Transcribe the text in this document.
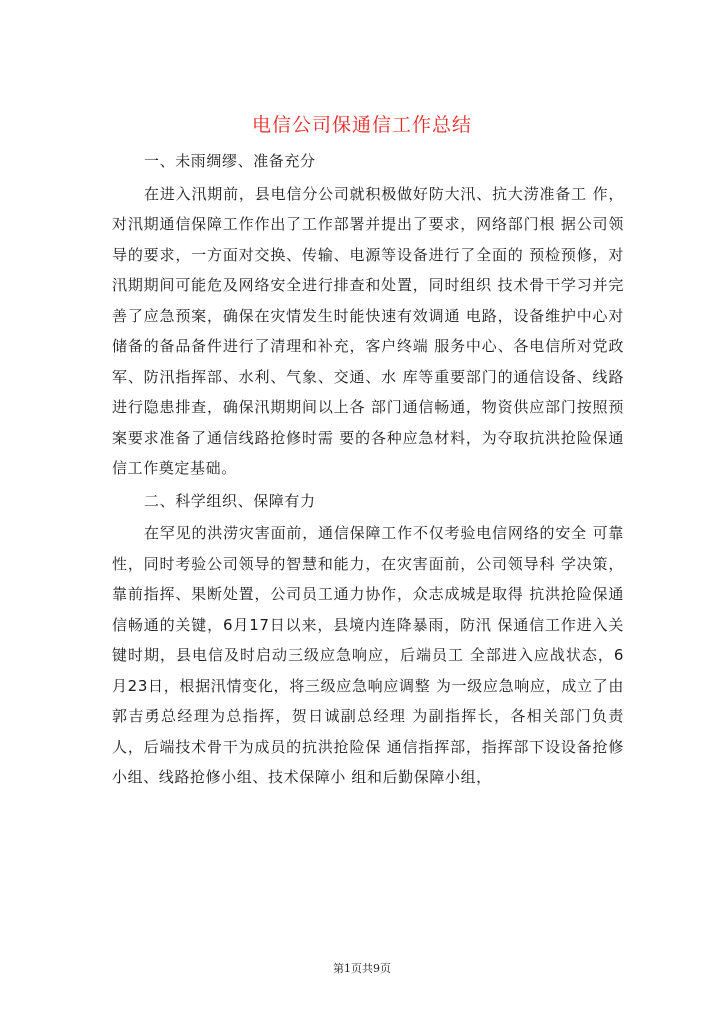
电信公司保通信工作总结

一、未雨绸缪、准备充分

在进入汛期前，县电信分公司就积极做好防大汛、抗大涝准备工 作，对汛期通信保障工作作出了工作部署并提出了要求，网络部门根 据公司领导的要求，一方面对交换、传输、电源等设备进行了全面的 预检预修，对汛期期间可能危及网络安全进行排查和处置，同时组织 技术骨干学习并完善了应急预案，确保在灾情发生时能快速有效调通 电路，设备维护中心对储备的备品备件进行了清理和补充，客户终端 服务中心、各电信所对党政军、防汛指挥部、水利、气象、交通、水 库等重要部门的通信设备、线路进行隐患排查，确保汛期期间以上各 部门通信畅通，物资供应部门按照预案要求准备了通信线路抢修时需 要的各种应急材料，为夺取抗洪抢险保通信工作奠定基础。

二、科学组织、保障有力

在罕见的洪涝灾害面前，通信保障工作不仅考验电信网络的安全 可靠性，同时考验公司领导的智慧和能力，在灾害面前，公司领导科 学决策，靠前指挥、果断处置，公司员工通力协作，众志成城是取得 抗洪抢险保通信畅通的关键，6月17日以来，县境内连降暴雨，防汛 保通信工作进入关键时期，县电信及时启动三级应急响应，后端员工 全部进入应战状态，6月23日，根据汛情变化，将三级应急响应调整 为一级应急响应，成立了由郭吉勇总经理为总指挥，贺日诚副总经理 为副指挥长，各相关部门负责人，后端技术骨干为成员的抗洪抢险保 通信指挥部，指挥部下设设备抢修小组、线路抢修小组、技术保障小 组和后勤保障小组，

第1页共9页
